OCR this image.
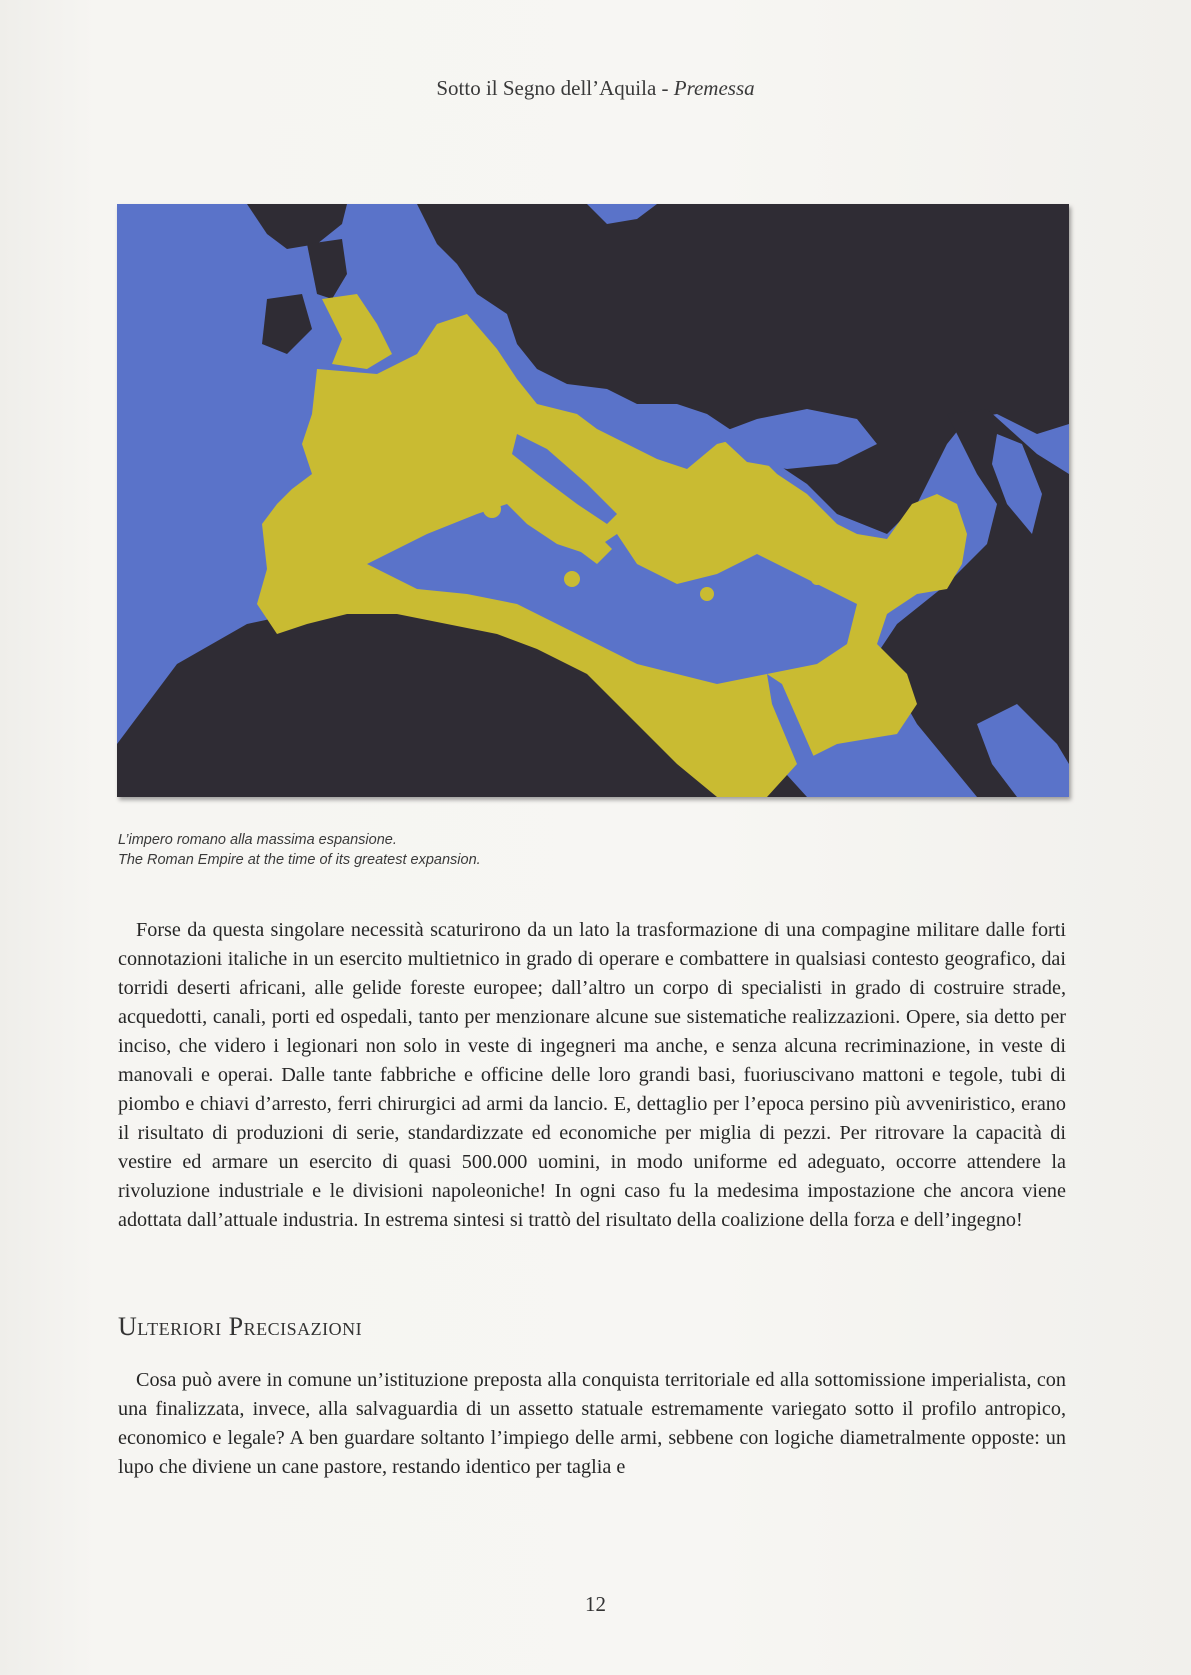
Sotto il Segno dell’Aquila - Premessa
L’impero romano alla massima espansione.
The Roman Empire at the time of its greatest expansion.
Forse da questa singolare necessità scaturirono da un lato la trasformazione di una compagine militare dalle forti connotazioni italiche in un esercito multietnico in grado di operare e combattere in qualsiasi contesto geografico, dai torridi deserti africani, alle gelide foreste europee; dall’altro un corpo di specialisti in grado di costruire strade, acquedotti, canali, porti ed ospedali, tanto per menzionare alcune sue sistematiche realizzazioni. Opere, sia detto per inciso, che videro i legionari non solo in veste di ingegneri ma anche, e senza alcuna recriminazione, in veste di manovali e operai. Dalle tante fabbriche e officine delle loro grandi basi, fuoriuscivano mattoni e tegole, tubi di piombo e chiavi d’arresto, ferri chirurgici ad armi da lancio. E, dettaglio per l’epoca persino più avveniristico, erano il risultato di produzioni di serie, standardizzate ed economiche per miglia di pezzi. Per ritrovare la capacità di vestire ed armare un esercito di quasi 500.000 uomini, in modo uniforme ed adeguato, occorre attendere la rivoluzione industriale e le divisioni napoleoniche! In ogni caso fu la medesima impostazione che ancora viene adottata dall’attuale industria. In estrema sintesi si trattò del risultato della coalizione della forza e dell’ingegno!
Ulteriori Precisazioni
Cosa può avere in comune un’istituzione preposta alla conquista territoriale ed alla sottomissione imperialista, con una finalizzata, invece, alla salvaguardia di un assetto statuale estremamente variegato sotto il profilo antropico, economico e legale? A ben guardare soltanto l’impiego delle armi, sebbene con logiche diametralmente opposte: un lupo che diviene un cane pastore, restando identico per taglia e
12
